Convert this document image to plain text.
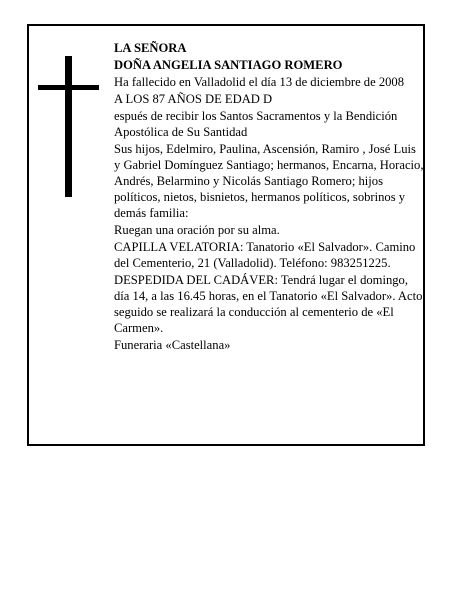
LA SEÑORA

DOÑA ANGELIA SANTIAGO ROMERO

Ha fallecido en Valladolid el día 13 de diciembre de 2008

A LOS 87 AÑOS DE EDAD D

espués de recibir los Santos Sacramentos y la Bendición Apostólica de Su Santidad

Sus hijos, Edelmiro, Paulina, Ascensión, Ramiro , José Luis y Gabriel Domínguez Santiago; hermanos, Encarna, Horacio, Andrés, Belarmino y Nicolás Santiago Romero; hijos políticos, nietos, bisnietos, hermanos políticos, sobrinos y demás familia:

Ruegan una oración por su alma.

CAPILLA VELATORIA: Tanatorio «El Salvador». Camino del Cementerio, 21 (Valladolid). Teléfono: 983251225.

DESPEDIDA DEL CADÁVER: Tendrá lugar el domingo, día 14, a las 16.45 horas, en el Tanatorio «El Salvador». Acto seguido se realizará la conducción al cementerio de «El Carmen».

Funeraria «Castellana»
